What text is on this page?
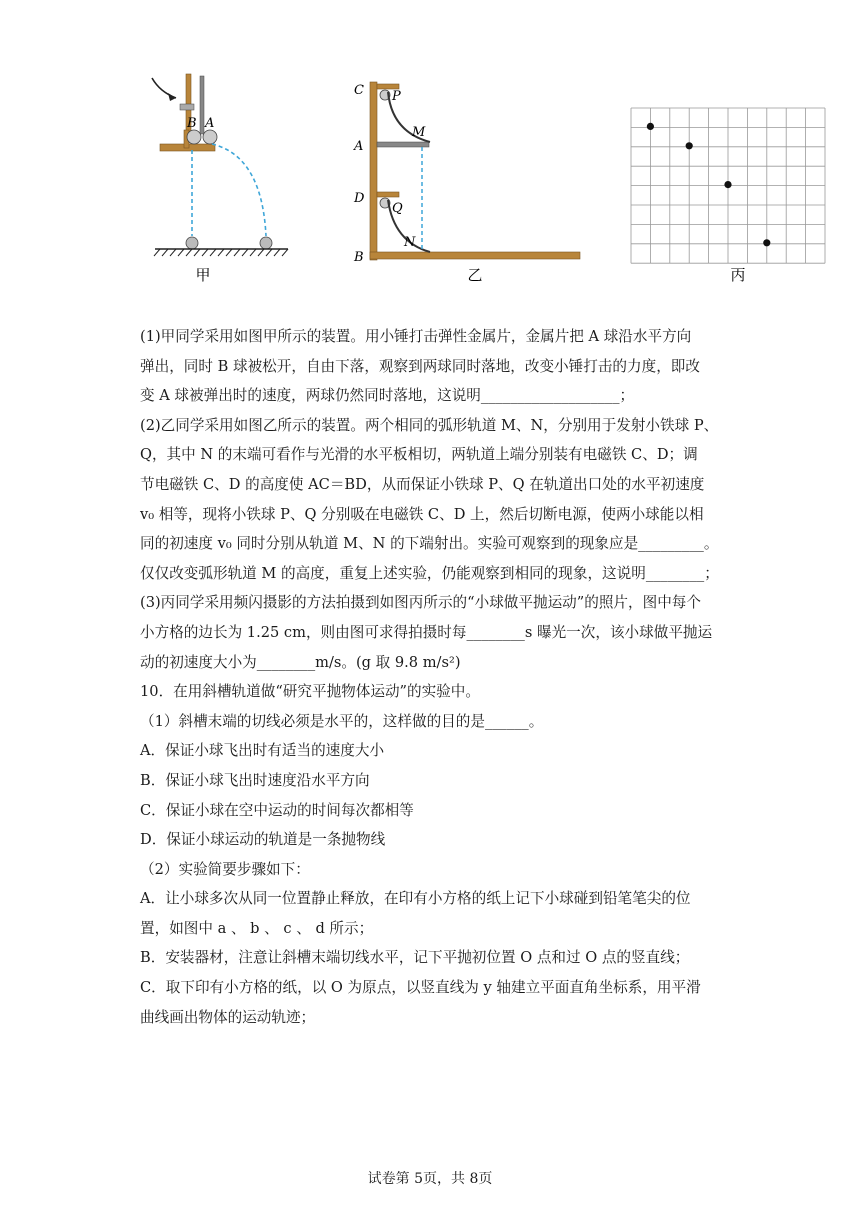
B A
甲
C P
M
A
D
Q
N
B
乙	丙

(1)甲同学采用如图甲所示的装置。用小锤打击弹性金属片，金属片把 A 球沿水平方向

弹出，同时 B 球被松开，自由下落，观察到两球同时落地，改变小锤打击的力度，即改

变 A 球被弹出时的速度，两球仍然同时落地，这说明___________________；

(2)乙同学采用如图乙所示的装置。两个相同的弧形轨道 M、N，分别用于发射小铁球 P、

Q，其中 N 的末端可看作与光滑的水平板相切，两轨道上端分别装有电磁铁 C、D；调

节电磁铁 C、D 的高度使 AC＝BD，从而保证小铁球 P、Q 在轨道出口处的水平初速度

v₀ 相等，现将小铁球 P、Q 分别吸在电磁铁 C、D 上，然后切断电源，使两小球能以相

同的初速度 v₀ 同时分别从轨道 M、N 的下端射出。实验可观察到的现象应是_________。

仅仅改变弧形轨道 M 的高度，重复上述实验，仍能观察到相同的现象，这说明________；

(3)丙同学采用频闪摄影的方法拍摄到如图丙所示的“小球做平抛运动”的照片，图中每个

小方格的边长为 1.25 cm，则由图可求得拍摄时每________s 曝光一次，该小球做平抛运

动的初速度大小为________m/s。(g 取 9.8 m/s²)

10．在用斜槽轨道做“研究平抛物体运动”的实验中。

（1）斜槽末端的切线必须是水平的，这样做的目的是______。

A．保证小球飞出时有适当的速度大小

B．保证小球飞出时速度沿水平方向

C．保证小球在空中运动的时间每次都相等

D．保证小球运动的轨道是一条抛物线

（2）实验简要步骤如下：

A．让小球多次从同一位置静止释放，在印有小方格的纸上记下小球碰到铅笔笔尖的位

置，如图中 a 、 b 、 c 、 d 所示；

B．安装器材，注意让斜槽末端切线水平，记下平抛初位置 O 点和过 O 点的竖直线；

C．取下印有小方格的纸，以 O 为原点，以竖直线为 y 轴建立平面直角坐标系，用平滑

曲线画出物体的运动轨迹；

试卷第 5页，共 8页
